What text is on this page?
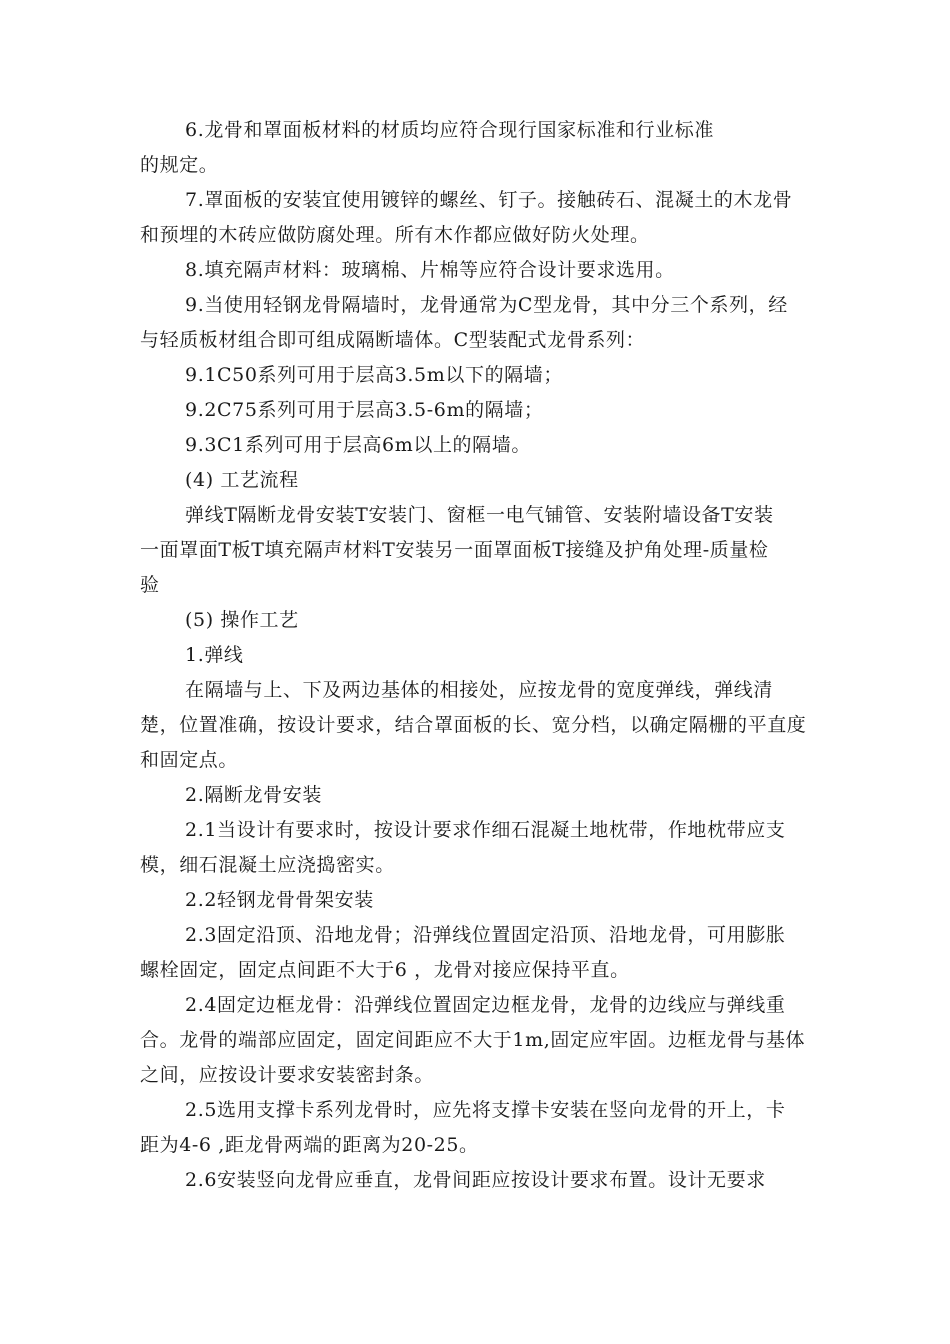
6.龙骨和罩面板材料的材质均应符合现行国家标准和行业标准
的规定。
7.罩面板的安装宜使用镀锌的螺丝、钉子。接触砖石、混凝土的木龙骨
和预埋的木砖应做防腐处理。所有木作都应做好防火处理。
8.填充隔声材料：玻璃棉、片棉等应符合设计要求选用。
9.当使用轻钢龙骨隔墙时，龙骨通常为C型龙骨，其中分三个系列，经
与轻质板材组合即可组成隔断墙体。C型装配式龙骨系列：
9.1C50系列可用于层高3.5m以下的隔墙；
9.2C75系列可用于层高3.5-6m的隔墙；
9.3C1系列可用于层高6m以上的隔墙。
(4) 工艺流程
弹线T隔断龙骨安装T安装门、窗框一电气铺管、安装附墙设备T安装
一面罩面T板T填充隔声材料T安装另一面罩面板T接缝及护角处理-质量检
验
(5) 操作工艺
1.弹线
在隔墙与上、下及两边基体的相接处，应按龙骨的宽度弹线，弹线清
楚，位置准确，按设计要求，结合罩面板的长、宽分档，以确定隔栅的平直度
和固定点。
2.隔断龙骨安装
2.1当设计有要求时，按设计要求作细石混凝土地枕带，作地枕带应支
模，细石混凝土应浇捣密实。
2.2轻钢龙骨骨架安装
2.3固定沿顶、沿地龙骨；沿弹线位置固定沿顶、沿地龙骨，可用膨胀
螺栓固定，固定点间距不大于6 ，龙骨对接应保持平直。
2.4固定边框龙骨：沿弹线位置固定边框龙骨，龙骨的边线应与弹线重
合。龙骨的端部应固定，固定间距应不大于1m,固定应牢固。边框龙骨与基体
之间，应按设计要求安装密封条。
2.5选用支撑卡系列龙骨时，应先将支撑卡安装在竖向龙骨的开上，卡
距为4-6 ,距龙骨两端的距离为20-25。
2.6安装竖向龙骨应垂直，龙骨间距应按设计要求布置。设计无要求
